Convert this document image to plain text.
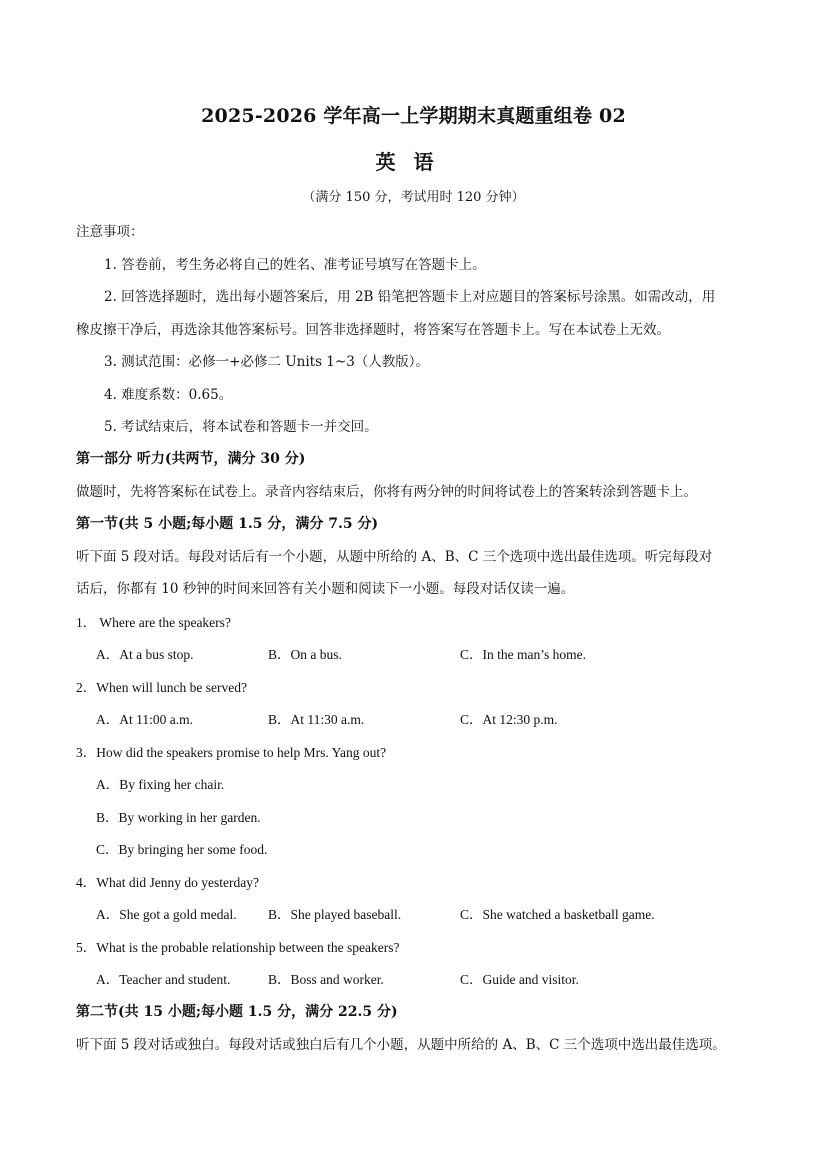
2025-2026 学年高一上学期期末真题重组卷 02
英语
（满分 150 分，考试用时 120 分钟）
注意事项：
1. 答卷前，考生务必将自己的姓名、准考证号填写在答题卡上。
2. 回答选择题时，选出每小题答案后，用 2B 铅笔把答题卡上对应题目的答案标号涂黑。如需改动，用
橡皮擦干净后，再选涂其他答案标号。回答非选择题时，将答案写在答题卡上。写在本试卷上无效。
3. 测试范围：必修一+必修二 Units 1~3（人教版）。
4. 难度系数：0.65。
5. 考试结束后，将本试卷和答题卡一并交回。
第一部分 听力(共两节，满分 30 分)
做题时，先将答案标在试卷上。录音内容结束后，你将有两分钟的时间将试卷上的答案转涂到答题卡上。
第一节(共 5 小题;每小题 1.5 分，满分 7.5 分)
听下面 5 段对话。每段对话后有一个小题，从题中所给的 A、B、C 三个选项中选出最佳选项。听完每段对
话后，你都有 10 秒钟的时间来回答有关小题和阅读下一小题。每段对话仅读一遍。
1． Where are the speakers?
A．At a bus stop.	B．On a bus.	C．In the man’s home.
2．When will lunch be served?
A．At 11:00 a.m.	B．At 11:30 a.m.	C．At 12:30 p.m.
3．How did the speakers promise to help Mrs. Yang out?
A．By fixing her chair.
B．By working in her garden.
C．By bringing her some food.
4．What did Jenny do yesterday?
A．She got a gold medal. B．She played baseball.	C．She watched a basketball game.
5．What is the probable relationship between the speakers?
A．Teacher and student.	B．Boss and worker.	C．Guide and visitor.
第二节(共 15 小题;每小题 1.5 分，满分 22.5 分)
听下面 5 段对话或独白。每段对话或独白后有几个小题，从题中所给的 A、B、C 三个选项中选出最佳选项。
